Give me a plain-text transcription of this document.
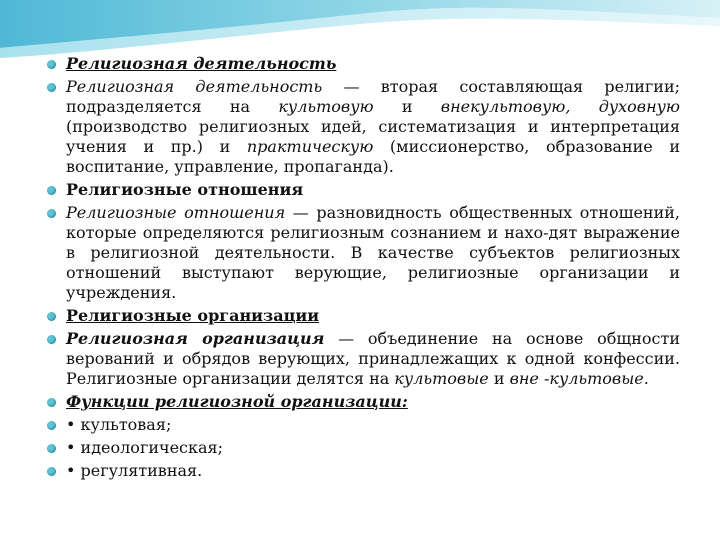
Религиозная деятельность
Религиозная деятельность — вторая составляющая религии; подразделяется на культовую и внекультовую, духовную (производство религиозных идей, систематизация и интерпретация учения и пр.) и практическую (миссионерство, образование и воспитание, управление, пропаганда).
Религиозные отношения
Религиозные отношения — разновидность общественных отношений, которые определяются религиозным сознанием и нахо-дят выражение в религиозной деятельности. В качестве субъектов религиозных отношений выступают верующие, религиозные организации и учреждения.
Религиозные организации
Религиозная организация — объединение на основе общности верований и обрядов верующих, принадлежащих к одной конфессии. Религиозные организации делятся на культовые и вне -культовые.
Функции религиозной организации:
• культовая;
• идеологическая;
• регулятивная.
